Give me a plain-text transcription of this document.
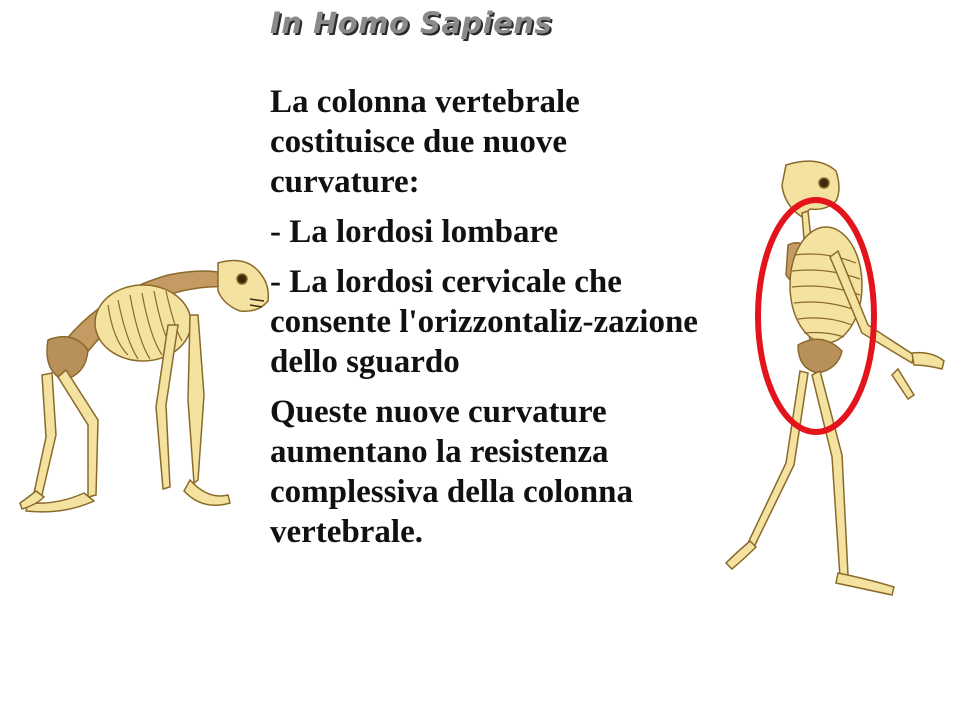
In Homo Sapiens

La colonna vertebrale costituisce due nuove curvature:

- La lordosi lombare

- La lordosi cervicale che consente l'orizzontaliz-zazione dello sguardo

Queste nuove curvature aumentano la resistenza complessiva della colonna vertebrale.
